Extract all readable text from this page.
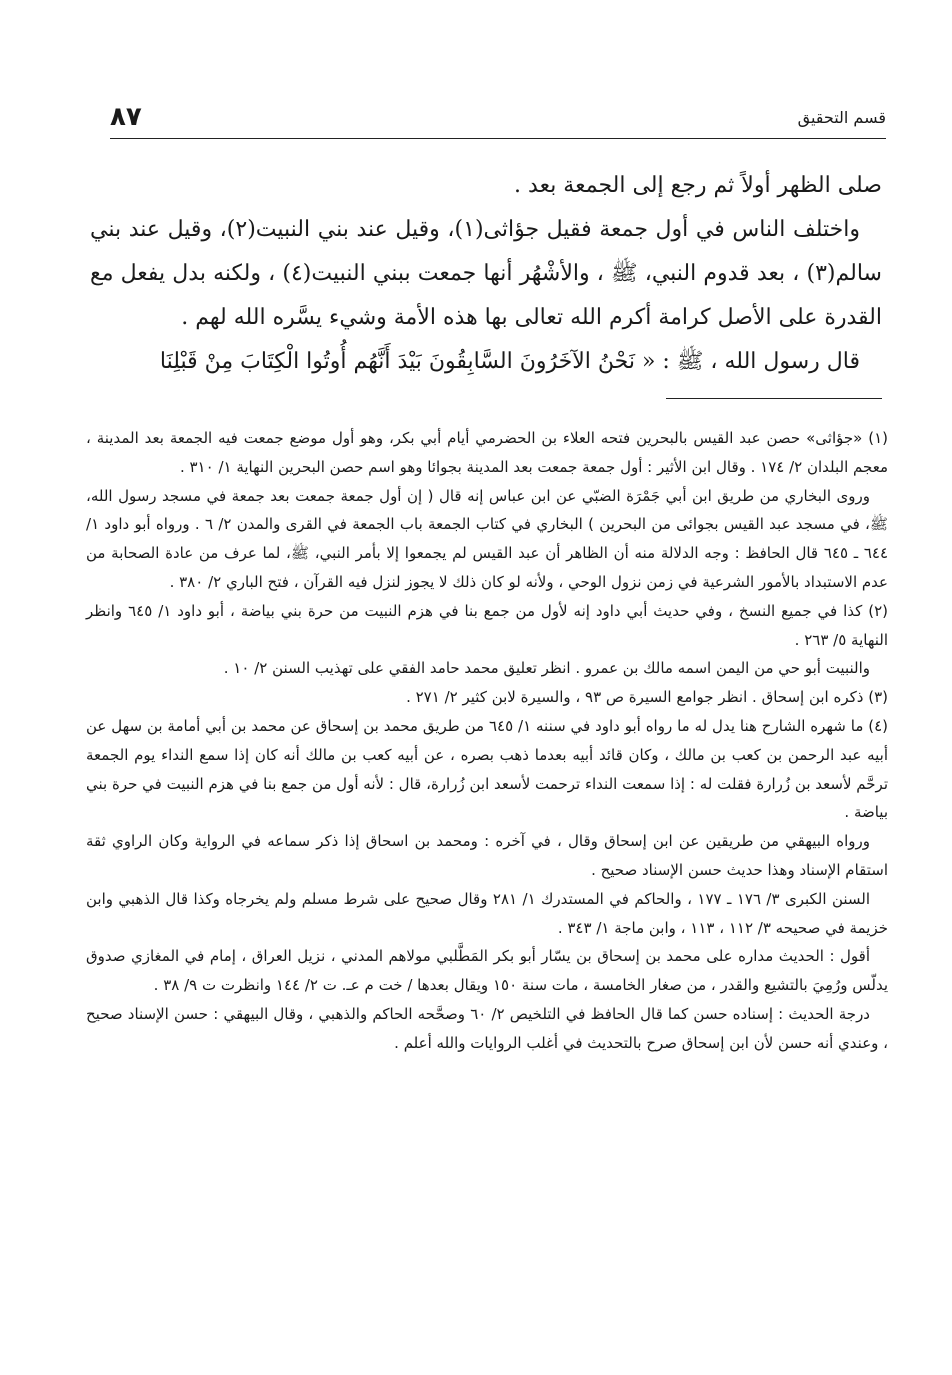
٨٧	قسم التحقيق

صلى الظهر أولاً ثم رجع إلى الجمعة بعد .

واختلف الناس في أول جمعة فقيل جؤاثى(١)، وقيل عند بني النبيت(٢)، وقيل عند بني سالم(٣) ، بعد قدوم النبي، ﷺ ، والأشْهُر أنها جمعت ببني النبيت(٤) ، ولكنه بدل يفعل مع القدرة على الأصل كرامة أكرم الله تعالى بها هذه الأمة وشيء يسَّره الله لهم .

قال رسول الله ، ﷺ : « نَحْنُ الآخَرُونَ السَّابِقُونَ بَيْدَ أَنَّهُم أُوتُوا الْكِتَابَ مِنْ قَبْلِنَا

(١) «جؤاثى» حصن عبد القيس بالبحرين فتحه العلاء بن الحضرمي أيام أبي بكر، وهو أول موضع جمعت فيه الجمعة بعد المدينة ، معجم البلدان ٢/ ١٧٤ . وقال ابن الأثير : أول جمعة جمعت بعد المدينة بجوائا وهو اسم حصن البحرين النهاية ١/ ٣١٠ .

وروى البخاري من طريق ابن أبي جَمْرَة الضبّي عن ابن عباس إنه قال ( إن أول جمعة جمعت بعد جمعة في مسجد رسول الله، ﷺ، في مسجد عبد القيس بجوائى من البحرين ) البخاري في كتاب الجمعة باب الجمعة في القرى والمدن ٢/ ٦ . ورواه أبو داود ١/ ٦٤٤ ـ ٦٤٥ قال الحافظ : وجه الدلالة منه أن الظاهر أن عبد القيس لم يجمعوا إلا بأمر النبي، ﷺ، لما عرف من عادة الصحابة من عدم الاستبداد بالأمور الشرعية في زمن نزول الوحي ، ولأنه لو كان ذلك لا يجوز لنزل فيه القرآن ، فتح الباري ٢/ ٣٨٠ .

(٢) كذا في جميع النسخ ، وفي حديث أبي داود إنه لأول من جمع بنا في هزم النبيت من حرة بني بياضة ، أبو داود ١/ ٦٤٥ وانظر النهاية ٥/ ٢٦٣ .

والنبيت أبو حي من اليمن اسمه مالك بن عمرو . انظر تعليق محمد حامد الفقي على تهذيب السنن ٢/ ١٠ .

(٣) ذكره ابن إسحاق . انظر جوامع السيرة ص ٩٣ ، والسيرة لابن كثير ٢/ ٢٧١ .

(٤) ما شهره الشارح هنا يدل له ما رواه أبو داود في سننه ١/ ٦٤٥ من طريق محمد بن إسحاق عن محمد بن أبي أمامة بن سهل عن أبيه عبد الرحمن بن كعب بن مالك ، وكان قائد أبيه بعدما ذهب بصره ، عن أبيه كعب بن مالك أنه كان إذا سمع النداء يوم الجمعة ترحَّم لأسعد بن زُرارة فقلت له : إذا سمعت النداء ترحمت لأسعد ابن زُرارة، قال : لأنه أول من جمع بنا في هزم النبيت في حرة بني بياضة .

ورواه البيهقي من طريقين عن ابن إسحاق وقال ، في آخره : ومحمد بن اسحاق إذا ذكر سماعه في الرواية وكان الراوي ثقة استقام الإسناد وهذا حديث حسن الإسناد صحيح .

السنن الكبرى ٣/ ١٧٦ ـ ١٧٧ ، والحاكم في المستدرك ١/ ٢٨١ وقال صحيح على شرط مسلم ولم يخرجاه وكذا قال الذهبي وابن خزيمة في صحيحه ٣/ ١١٢ ، ١١٣ ، وابن ماجة ١/ ٣٤٣ .

أقول : الحديث مداره على محمد بن إسحاق بن يسّار أبو بكر المَطَّلبي مولاهم المدني ، نزيل العراق ، إمام في المغازي صدوق يدلّس ورُمِيَ بالتشيع والقدر ، من صغار الخامسة ، مات سنة ١٥٠ ويقال بعدها / خت م عـ. ت ٢/ ١٤٤ وانظرت ت ٩/ ٣٨ .

درجة الحديث : إسناده حسن كما قال الحافظ في التلخيص ٢/ ٦٠ وصحَّحه الحاكم والذهبي ، وقال البيهقي : حسن الإسناد صحيح ، وعندي أنه حسن لأن ابن إسحاق صرح بالتحديث في أغلب الروايات والله أعلم .
